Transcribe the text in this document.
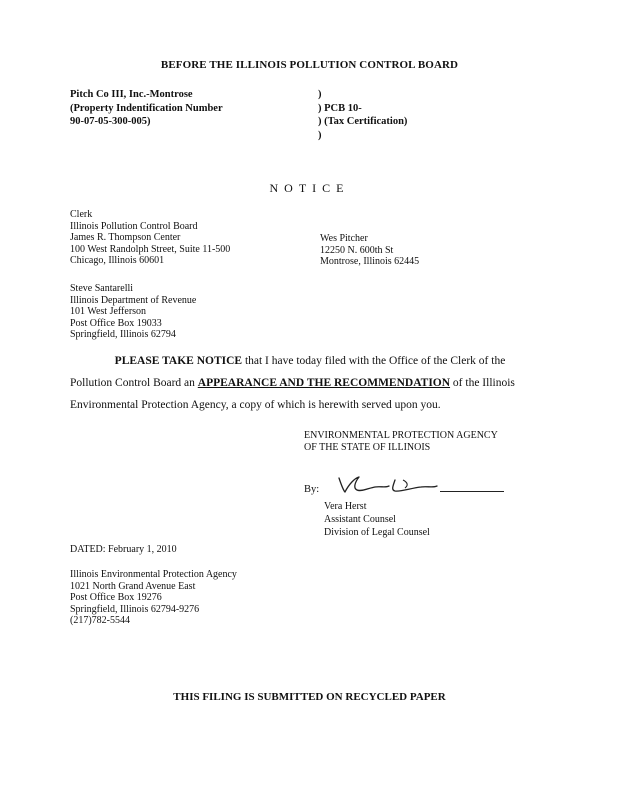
BEFORE THE ILLINOIS POLLUTION CONTROL BOARD
Pitch Co III, Inc.-Montrose
(Property Indentification Number
90-07-05-300-005)
)
) PCB 10-
) (Tax Certification)
)
NOTICE
Clerk
Illinois Pollution Control Board
James R. Thompson Center
100 West Randolph Street, Suite 11-500
Chicago, Illinois 60601
Wes Pitcher
12250 N. 600th St
Montrose, Illinois 62445
Steve Santarelli
Illinois Department of Revenue
101 West Jefferson
Post Office Box 19033
Springfield, Illinois 62794
PLEASE TAKE NOTICE that I have today filed with the Office of the Clerk of the
Pollution Control Board an APPEARANCE AND THE RECOMMENDATION of the Illinois
Environmental Protection Agency, a copy of which is herewith served upon you.
ENVIRONMENTAL PROTECTION AGENCY
OF THE STATE OF ILLINOIS
By:
Vera Herst
Assistant Counsel
Division of Legal Counsel
DATED: February 1, 2010
Illinois Environmental Protection Agency
1021 North Grand Avenue East
Post Office Box 19276
Springfield, Illinois 62794-9276
(217)782-5544
THIS FILING IS SUBMITTED ON RECYCLED PAPER
